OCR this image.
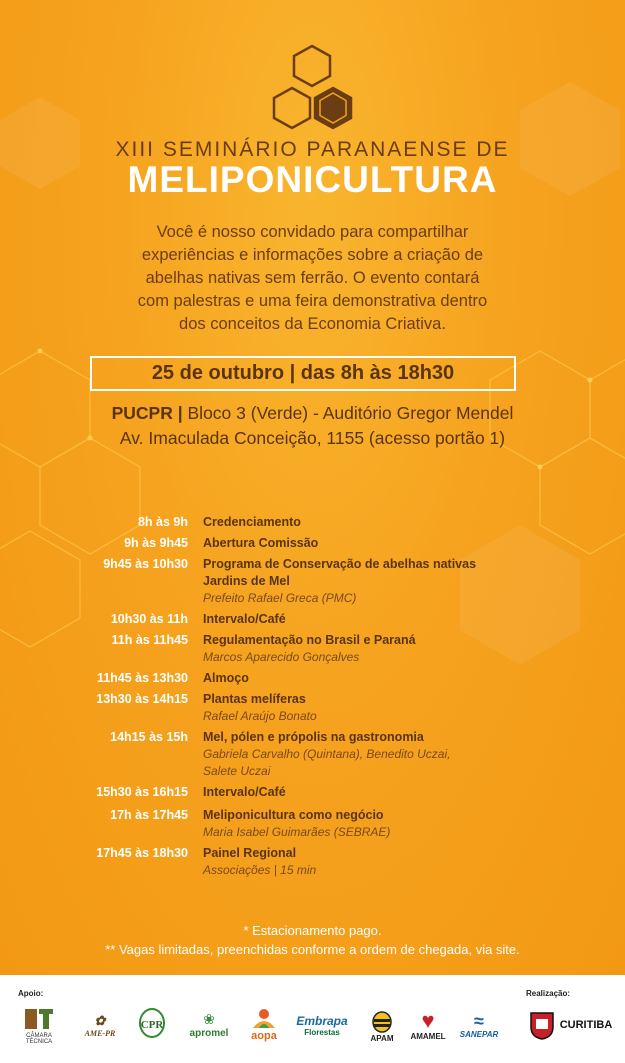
XIII SEMINÁRIO PARANAENSE DE
MELIPONICULTURA
Você é nosso convidado para compartilhar
experiências e informações sobre a criação de
abelhas nativas sem ferrão. O evento contará
com palestras e uma feira demonstrativa dentro
dos conceitos da Economia Criativa.
25 de outubro | das 8h às 18h30
PUCPR | Bloco 3 (Verde) - Auditório Gregor Mendel
Av. Imaculada Conceição, 1155 (acesso portão 1)
8h às 9h	Credenciamento
9h às 9h45	Abertura Comissão
9h45 às 10h30	Programa de Conservação de abelhas nativas
Jardins de Mel
Prefeito Rafael Greca (PMC)
10h30 às 11h	Intervalo/Café
11h às 11h45	Regulamentação no Brasil e Paraná
Marcos Aparecido Gonçalves
11h45 às 13h30	Almoço
13h30 às 14h15	Plantas melíferas
Rafael Araújo Bonato
14h15 às 15h	Mel, pólen e própolis na gastronomia
Gabriela Carvalho (Quintana), Benedito Uczai,
Salete Uczai
15h30 às 16h15	Intervalo/Café
17h às 17h45	Meliponicultura como negócio
Maria Isabel Guimarães (SEBRAE)
17h45 às 18h30	Painel Regional
Associações | 15 min
* Estacionamento pago.
** Vagas limitadas, preenchidas conforme a ordem de chegada, via site.
Apoio:	Realização:
CÂMARA TÉCNICA
✿
AME-PR
CPR	❀
apromel aopa
Embrapa
Florestas
APAM
♥
AMAMEL
≈
SANEPAR
CURITIBA
